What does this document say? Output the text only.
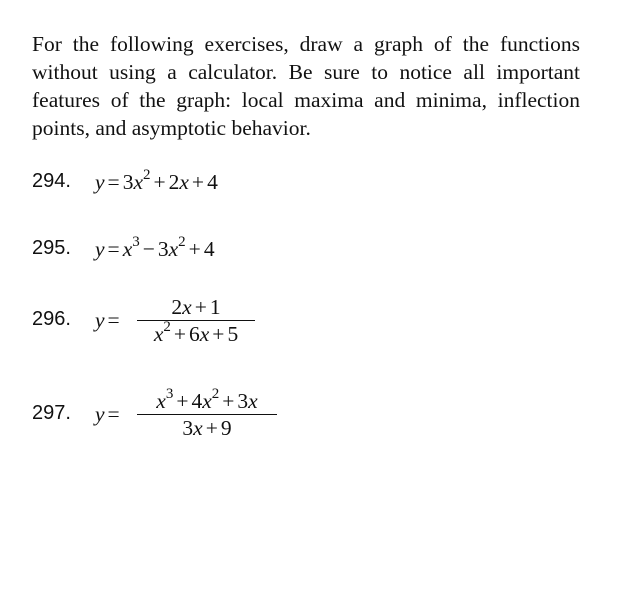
For the following exercises, draw a graph of the functions without using a calculator. Be sure to notice all important features of the graph: local maxima and minima, inflection points, and asymptotic behavior.

294. $y = 3x^2 + 2x + 4$
295. $y = x^3 - 3x^2 + 4$
296. $y = \frac{2x + 1}{x^2 + 6x + 5}$
297. $y = \frac{x^3 + 4x^2 + 3x}{3x + 9}$
